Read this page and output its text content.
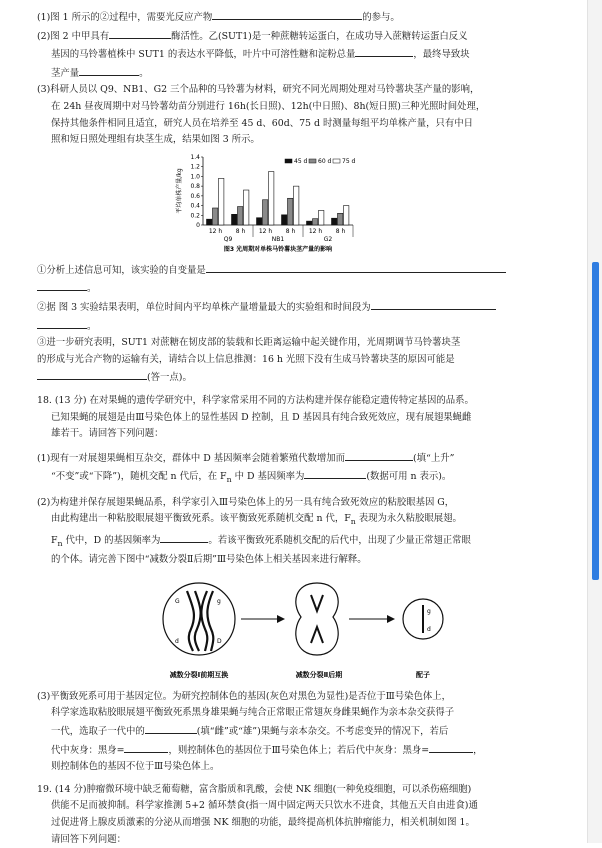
(1)图 1 所示的②过程中，需要光反应产物	的参与。

(2)图 2 中甲具有	酶活性。乙(SUT1)是一种蔗糖转运蛋白，在成功导入蔗糖转运蛋白反义

基因的马铃薯植株中 SUT1 的表达水平降低，叶片中可溶性糖和淀粉总量	，最终导致块

茎产量	。

(3)科研人员以 Q9、NB1、G2 三个品种的马铃薯为材料，研究不同光周期处理对马铃薯块茎产量的影响，

在 24h 昼夜周期中对马铃薯幼苗分别进行 16h(长日照)、12h(中日照)、8h(短日照)三种光照时间处理，

保持其他条件相同且适宜，研究人员在培养至 45 d、60d、75 d 时测量每组平均单株产量，只有中日

照和短日照处理组有块茎生成，结果如图 3 所示。

0
0.2
0.4
0.6
0.8
1.0
1.2
1.4
平均单株产量/kg
12 h 8 h 12 h 8 h 12 h 8 h
Q9	NB1	G2
45 d 60 d 75 d
图3 光周期对单株马铃薯块茎产量的影响

①分析上述信息可知，该实验的自变量是

。

②据 图 3 实验结果表明，单位时间内平均单株产量增量最大的实验组和时间段为

。

③进一步研究表明，SUT1 对蔗糖在韧皮部的装载和长距离运输中起关键作用，光周期调节马铃薯块茎

的形成与光合产物的运输有关，请结合以上信息推测：16 h 光照下没有生成马铃薯块茎的原因可能是

(答一点)。

18. (13 分) 在对果蝇的遗传学研究中，科学家常采用不同的方法构建并保存能稳定遗传特定基因的品系。

已知果蝇的展翅是由Ⅲ号染色体上的显性基因 D 控制，且 D 基因具有纯合致死效应，现有展翅果蝇雌

雄若干。请回答下列问题：

(1)现有一对展翅果蝇相互杂交，群体中 D 基因频率会随着繁殖代数增加而	(填“上升”

“不变”或“下降”)，随机交配 n 代后，在 $F_n$ 中 D 基因频率为	(数据可用 n 表示)。

(2)为构建并保存展翅果蝇品系，科学家引入Ⅲ号染色体上的另一具有纯合致死效应的粘胶眼基因 G，

由此构建出一种粘胶眼展翅平衡致死系。该平衡致死系随机交配 n 代，$F_n$ 表现为永久粘胶眼展翅。

$F_n$ 代中，D 的基因频率为	。若该平衡致死系随机交配的后代中，出现了少量正常翅正常眼

的个体。请完善下图中“减数分裂Ⅱ后期”Ⅲ号染色体上相关基因来进行解释。

G	g
d	D
g
d
减数分裂Ⅰ前期互换	减数分裂Ⅱ后期	配子

(3)平衡致死系可用于基因定位。为研究控制体色的基因(灰色对黑色为显性)是否位于Ⅲ号染色体上，

科学家选取粘胶眼展翅平衡致死系黑身雄果蝇与纯合正常眼正常翅灰身雌果蝇作为亲本杂交获得子

一代，选取子一代中的	(填“雌”或“雄”)果蝇与亲本杂交。不考虑变异的情况下，若后

代中灰身：黑身=	，则控制体色的基因位于Ⅲ号染色体上；若后代中灰身：黑身=	，

则控制体色的基因不位于Ⅲ号染色体上。

19. (14 分)肿瘤微环境中缺乏葡萄糖，富含脂质和乳酸，会使 NK 细胞(一种免疫细胞，可以杀伤癌细胞)

供能不足而被抑制。科学家推测 5+2 循环禁食(指一周中固定两天只饮水不进食，其他五天自由进食)通

过促进肾上腺皮质激素的分泌从而增强 NK 细胞的功能，最终提高机体抗肿瘤能力，相关机制如图 1。

请回答下列问题：
